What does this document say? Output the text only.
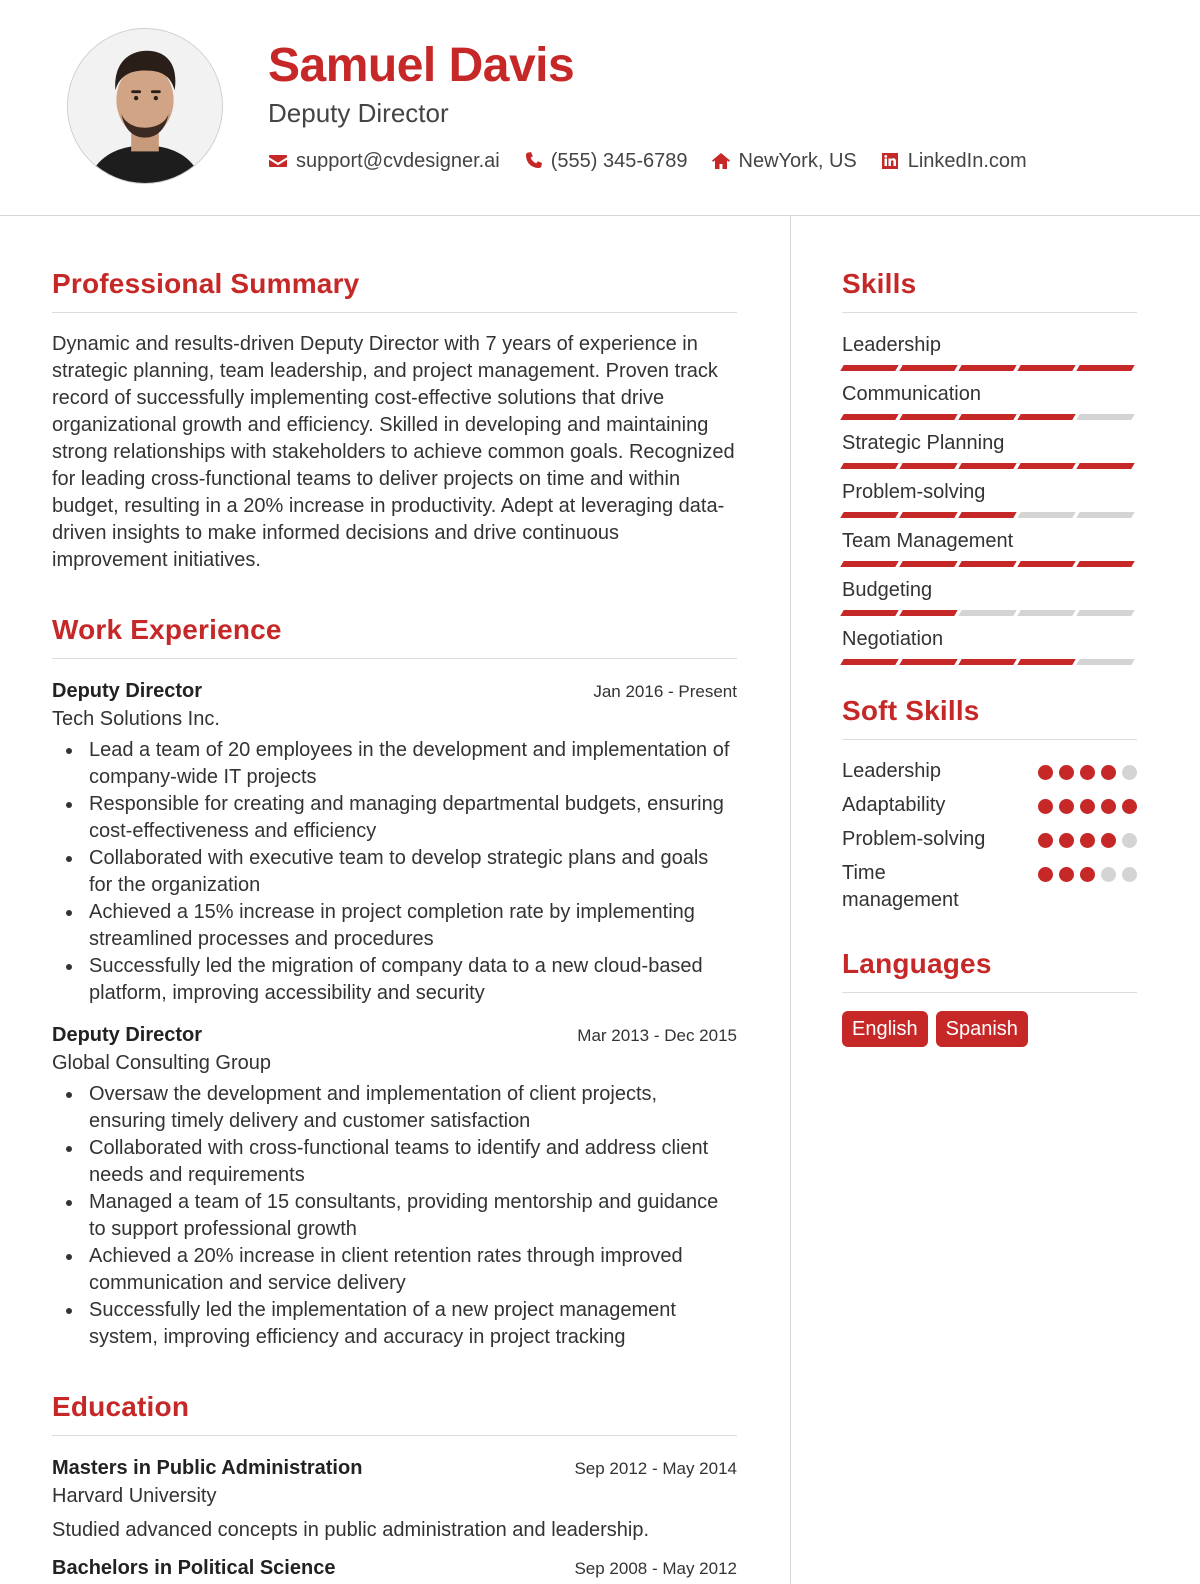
Samuel Davis
Deputy Director
support@cvdesigner.ai	(555) 345-6789	NewYork, US	LinkedIn.com
Professional Summary

Dynamic and results-driven Deputy Director with 7 years of experience in strategic planning, team leadership, and project management. Proven track record of successfully implementing cost-effective solutions that drive organizational growth and efficiency. Skilled in developing and maintaining strong relationships with stakeholders to achieve common goals. Recognized for leading cross-functional teams to deliver projects on time and within budget, resulting in a 20% increase in productivity. Adept at leveraging data-driven insights to make informed decisions and drive continuous improvement initiatives.

Work Experience
Deputy Director	Jan 2016 - Present
Tech Solutions Inc.
Lead a team of 20 employees in the development and implementation of company-wide IT projects
Responsible for creating and managing departmental budgets, ensuring cost-effectiveness and efficiency
Collaborated with executive team to develop strategic plans and goals for the organization
Achieved a 15% increase in project completion rate by implementing streamlined processes and procedures
Successfully led the migration of company data to a new cloud-based platform, improving accessibility and security
Deputy Director	Mar 2013 - Dec 2015
Global Consulting Group
Oversaw the development and implementation of client projects, ensuring timely delivery and customer satisfaction
Collaborated with cross-functional teams to identify and address client needs and requirements
Managed a team of 15 consultants, providing mentorship and guidance to support professional growth
Achieved a 20% increase in client retention rates through improved communication and service delivery
Successfully led the implementation of a new project management system, improving efficiency and accuracy in project tracking
Education
Masters in Public Administration	Sep 2012 - May 2014
Harvard University
Studied advanced concepts in public administration and leadership.
Bachelors in Political Science	Sep 2008 - May 2012
Skills
Leadership
Communication
Strategic Planning
Problem-solving
Team Management
Budgeting
Negotiation
Soft Skills
Leadership
Adaptability
Problem-solving
Time management
Languages
English	Spanish
